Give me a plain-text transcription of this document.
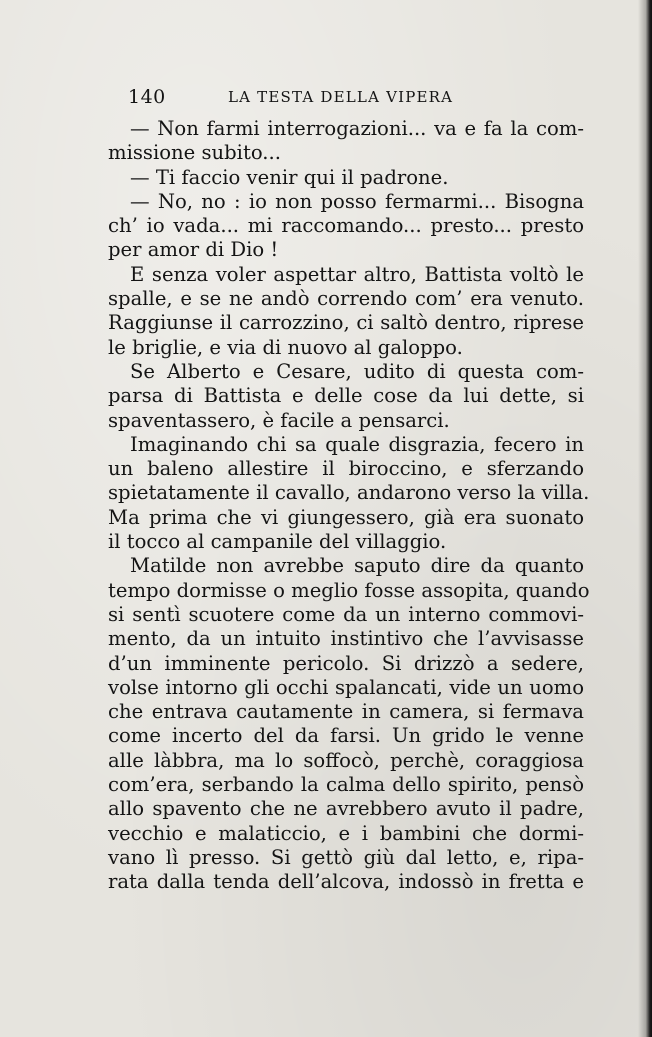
140	LA TESTA DELLA VIPERA
— Non farmi interrogazioni... va e fa la com-
missione subito...
— Ti faccio venir qui il padrone.
— No, no : io non posso fermarmi... Bisogna
ch’ io vada... mi raccomando... presto... presto
per amor di Dio !
E senza voler aspettar altro, Battista voltò le
spalle, e se ne andò correndo com’ era venuto.
Raggiunse il carrozzino, ci saltò dentro, riprese
le briglie, e via di nuovo al galoppo.
Se Alberto e Cesare, udito di questa com-
parsa di Battista e delle cose da lui dette, si
spaventassero, è facile a pensarci.
Imaginando chi sa quale disgrazia, fecero in
un baleno allestire il biroccino, e sferzando
spietatamente il cavallo, andarono verso la villa.
Ma prima che vi giungessero, già era suonato
il tocco al campanile del villaggio.
Matilde non avrebbe saputo dire da quanto
tempo dormisse o meglio fosse assopita, quando
si sentì scuotere come da un interno commovi-
mento, da un intuito instintivo che l’avvisasse
d’un imminente pericolo. Si drizzò a sedere,
volse intorno gli occhi spalancati, vide un uomo
che entrava cautamente in camera, si fermava
come incerto del da farsi. Un grido le venne
alle làbbra, ma lo soffocò, perchè, coraggiosa
com’era, serbando la calma dello spirito, pensò
allo spavento che ne avrebbero avuto il padre,
vecchio e malaticcio, e i bambini che dormi-
vano lì presso. Si gettò giù dal letto, e, ripa-
rata dalla tenda dell’alcova, indossò in fretta e
